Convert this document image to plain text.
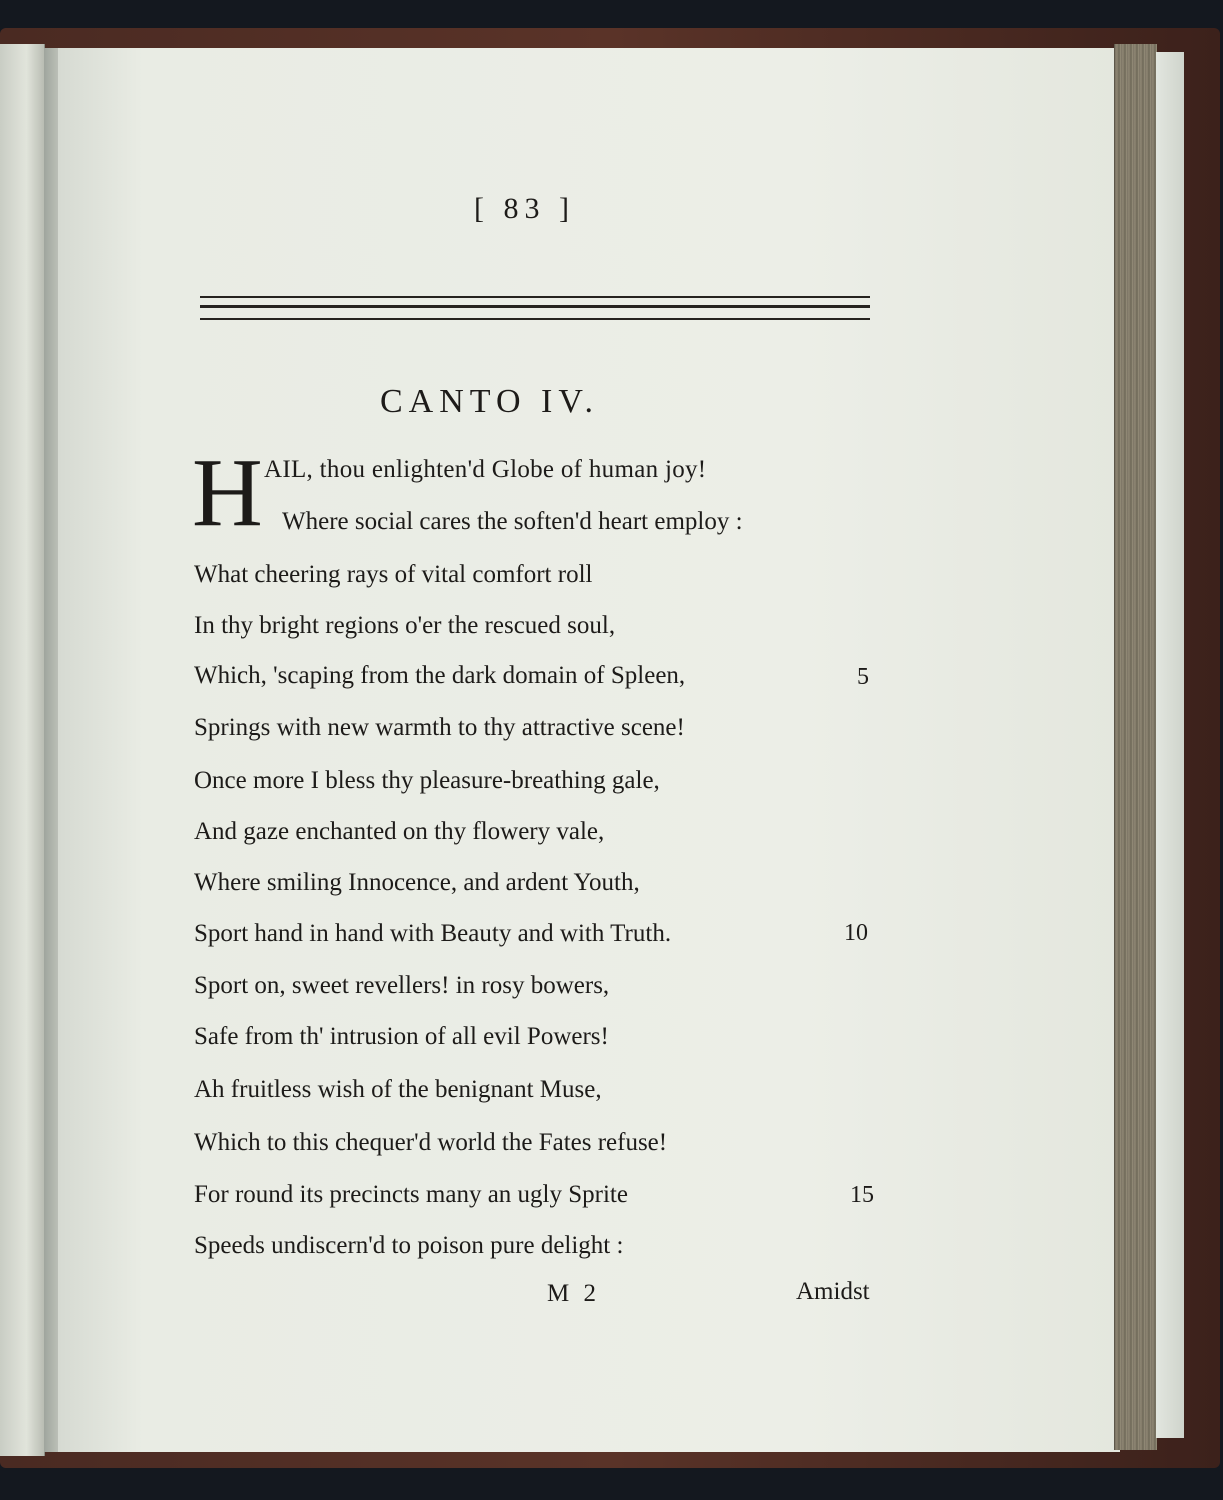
[ 83 ]
CANTO IV.
H AIL, thou enlighten'd Globe of human joy!
Where social cares the soften'd heart employ :
What cheering rays of vital comfort roll
In thy bright regions o'er the rescued soul,
Which, 'scaping from the dark domain of Spleen,	5
Springs with new warmth to thy attractive scene!
Once more I bless thy pleasure-breathing gale,
And gaze enchanted on thy flowery vale,
Where smiling Innocence, and ardent Youth,
Sport hand in hand with Beauty and with Truth.	10
Sport on, sweet revellers! in rosy bowers,
Safe from th' intrusion of all evil Powers!
Ah fruitless wish of the benignant Muse,
Which to this chequer'd world the Fates refuse!
For round its precincts many an ugly Sprite	15
Speeds undiscern'd to poison pure delight :
M 2	Amidst
